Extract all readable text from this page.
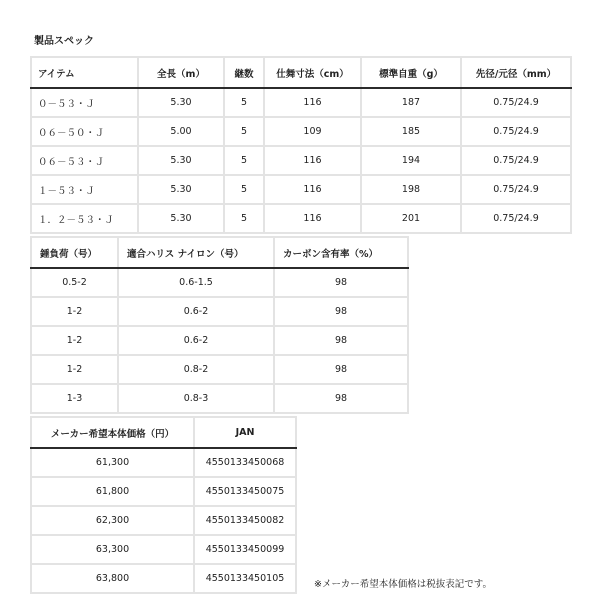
製品スペック
アイテム	全長（m）	継数	仕舞寸法（cm）	標準自重（g）	先径/元径（mm）
０－５３・Ｊ	5.30	5	116	187	0.75/24.9
０６－５０・Ｊ	5.00	5	109	185	0.75/24.9
０６－５３・Ｊ	5.30	5	116	194	0.75/24.9
１－５３・Ｊ	5.30	5	116	198	0.75/24.9
１．２－５３・Ｊ	5.30	5	116	201	0.75/24.9
錘負荷（号）	適合ハリス ナイロン（号）	カーボン含有率（%）
0.5-2	0.6-1.5	98
1-2	0.6-2	98
1-2	0.6-2	98
1-2	0.8-2	98
1-3	0.8-3	98
メーカー希望本体価格（円）	JAN
61,300	4550133450068
61,800	4550133450075
62,300	4550133450082
63,300	4550133450099
63,800	4550133450105
※メーカー希望本体価格は税抜表記です。
